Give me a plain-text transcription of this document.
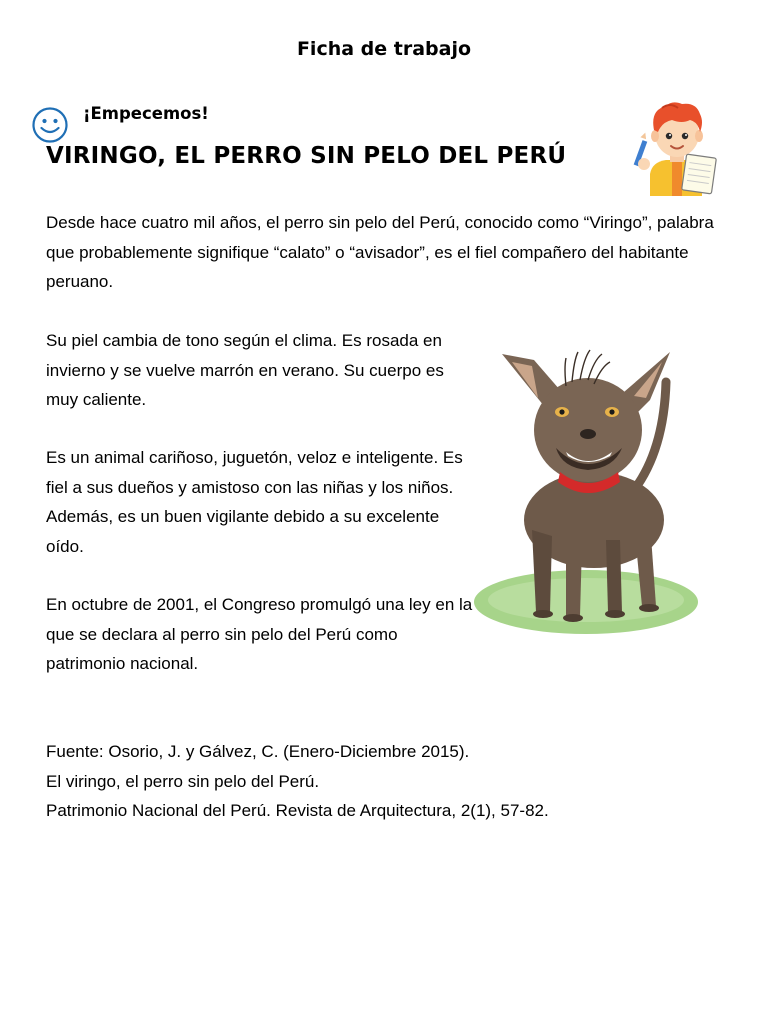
Ficha de trabajo
¡Empecemos!
VIRINGO, EL PERRO SIN PELO DEL PERÚ

Desde hace cuatro mil años, el perro sin pelo del Perú, conocido como “Viringo”, palabra que probablemente signifique “calato” o “avisador”, es el fiel compañero del habitante peruano.

Su piel cambia de tono según el clima. Es rosada en invierno y se vuelve marrón en verano. Su cuerpo es muy caliente.

Es un animal cariñoso, juguetón, veloz e inteligente. Es fiel a sus dueños y amistoso con las niñas y los niños. Además, es un buen vigilante debido a su excelente oído.

En octubre de 2001, el Congreso promulgó una ley en la que se declara al perro sin pelo del Perú como patrimonio nacional.

Fuente: Osorio, J. y Gálvez, C. (Enero-Diciembre 2015).
El viringo, el perro sin pelo del Perú.
Patrimonio Nacional del Perú. Revista de Arquitectura, 2(1), 57-82.
